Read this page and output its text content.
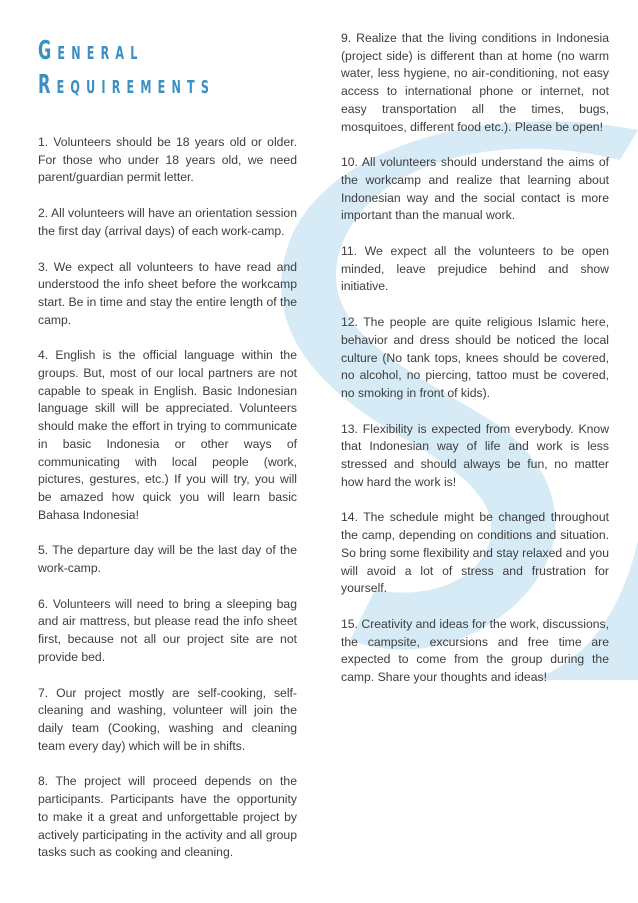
General
Requirements

1. Volunteers should be 18 years old or older. For those who under 18 years old, we need parent/guardian permit letter.

2. All volunteers will have an orientation session the first day (arrival days) of each work-camp.

3. We expect all volunteers to have read and understood the info sheet before the workcamp start. Be in time and stay the entire length of the camp.

4. English is the official language within the groups. But, most of our local partners are not capable to speak in English. Basic Indonesian language skill will be appreciated. Volunteers should make the effort in trying to communicate in basic Indonesia or other ways of communicating with local people (work, pictures, gestures, etc.) If you will try, you will be amazed how quick you will learn basic Bahasa Indonesia!

5. The departure day will be the last day of the work-camp.

6. Volunteers will need to bring a sleeping bag and air mattress, but please read the info sheet first, because not all our project site are not provide bed.

7. Our project mostly are self-cooking, self-cleaning and washing, volunteer will join the daily team (Cooking, washing and cleaning team every day) which will be in shifts.

8. The project will proceed depends on the participants. Participants have the opportunity to make it a great and unforgettable project by actively participating in the activity and all group tasks such as cooking and cleaning.

9. Realize that the living conditions in Indonesia (project side) is different than at home (no warm water, less hygiene, no air-conditioning, not easy access to international phone or internet, not easy transportation all the times, bugs, mosquitoes, different food etc.). Please be open!

10. All volunteers should understand the aims of the workcamp and realize that learning about Indonesian way and the social contact is more important than the manual work.

11. We expect all the volunteers to be open minded, leave prejudice behind and show initiative.

12. The people are quite religious Islamic here, behavior and dress should be noticed the local culture (No tank tops, knees should be covered, no alcohol, no piercing, tattoo must be covered, no smoking in front of kids).

13. Flexibility is expected from everybody. Know that Indonesian way of life and work is less stressed and should always be fun, no matter how hard the work is!

14. The schedule might be changed throughout the camp, depending on conditions and situation. So bring some flexibility and stay relaxed and you will avoid a lot of stress and frustration for yourself.

15. Creativity and ideas for the work, discussions, the campsite, excursions and free time are expected to come from the group during the camp. Share your thoughts and ideas!
